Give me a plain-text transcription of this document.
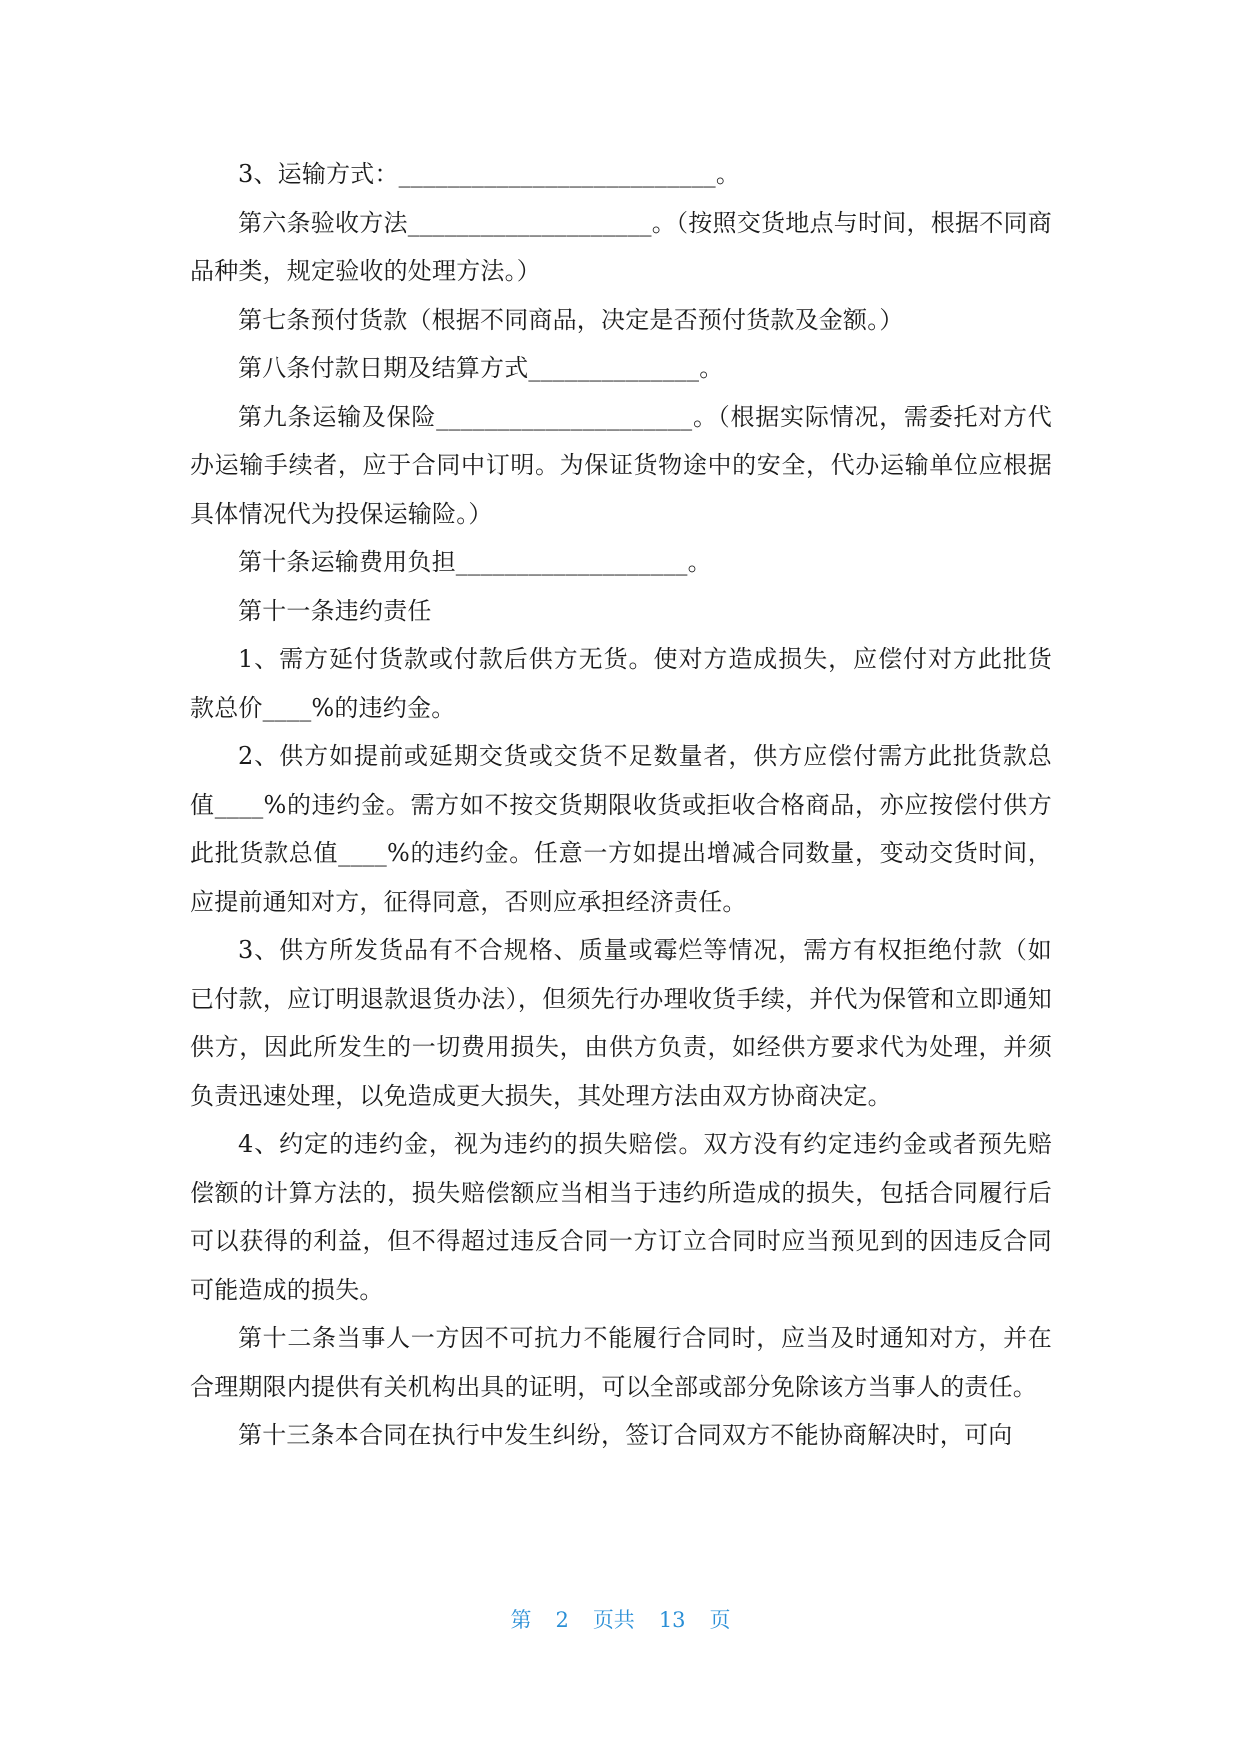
3、运输方式：__________________________。

第六条验收方法____________________。（按照交货地点与时间，根据不同商品种类，规定验收的处理方法。）

第七条预付货款（根据不同商品，决定是否预付货款及金额。）

第八条付款日期及结算方式______________。

第九条运输及保险_____________________。（根据实际情况，需委托对方代办运输手续者，应于合同中订明。为保证货物途中的安全，代办运输单位应根据具体情况代为投保运输险。）

第十条运输费用负担___________________。

第十一条违约责任

1、需方延付货款或付款后供方无货。使对方造成损失，应偿付对方此批货款总价____%的违约金。

2、供方如提前或延期交货或交货不足数量者，供方应偿付需方此批货款总值____%的违约金。需方如不按交货期限收货或拒收合格商品，亦应按偿付供方此批货款总值____%的违约金。任意一方如提出增减合同数量，变动交货时间，应提前通知对方，征得同意，否则应承担经济责任。

3、供方所发货品有不合规格、质量或霉烂等情况，需方有权拒绝付款（如已付款，应订明退款退货办法），但须先行办理收货手续，并代为保管和立即通知供方，因此所发生的一切费用损失，由供方负责，如经供方要求代为处理，并须负责迅速处理，以免造成更大损失，其处理方法由双方协商决定。

4、约定的违约金，视为违约的损失赔偿。双方没有约定违约金或者预先赔偿额的计算方法的，损失赔偿额应当相当于违约所造成的损失，包括合同履行后可以获得的利益，但不得超过违反合同一方订立合同时应当预见到的因违反合同可能造成的损失。

第十二条当事人一方因不可抗力不能履行合同时，应当及时通知对方，并在合理期限内提供有关机构出具的证明，可以全部或部分免除该方当事人的责任。

第十三条本合同在执行中发生纠纷，签订合同双方不能协商解决时，可向

第 2 页共 13 页
